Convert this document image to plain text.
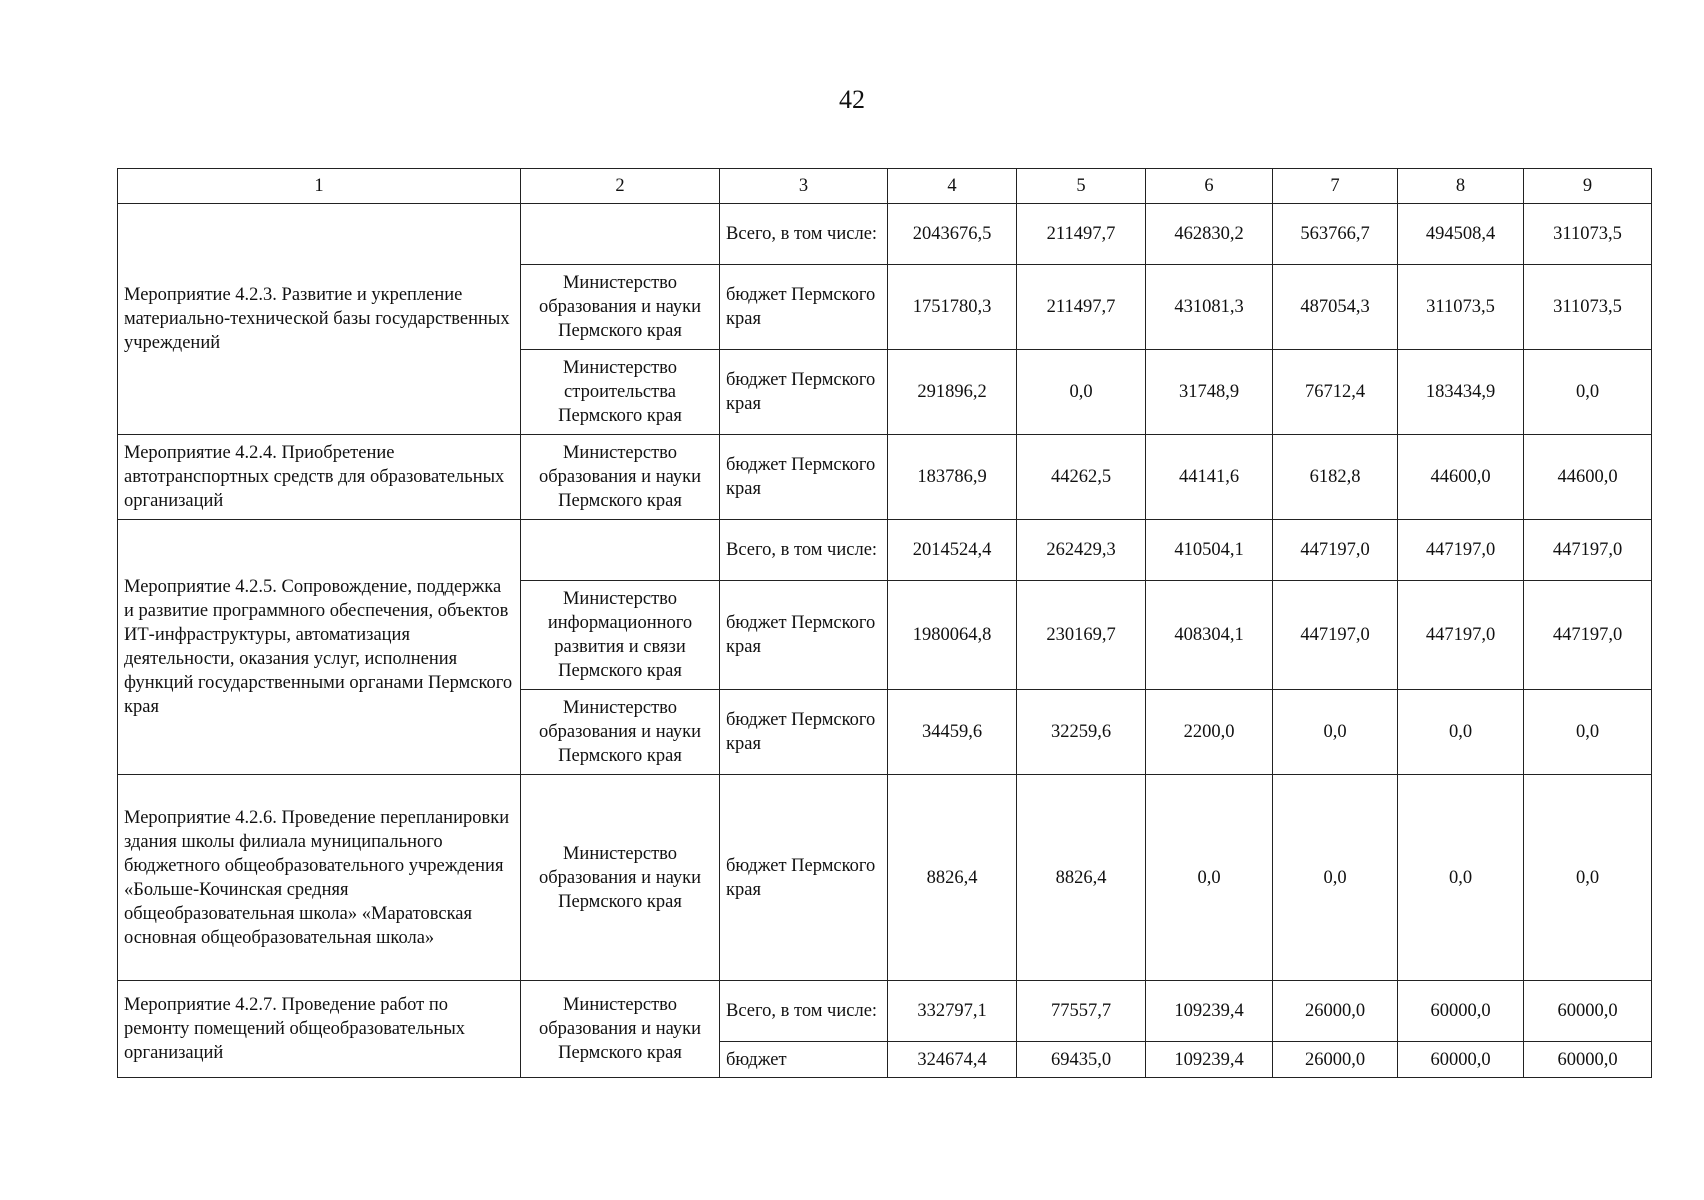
42
1	2	3	4	5	6	7	8	9
Мероприятие 4.2.3. Развитие и укрепление материально-технической базы государственных учреждений		Всего, в том числе:	2043676,5	211497,7	462830,2	563766,7	494508,4	311073,5
	Министерство образования и науки Пермского края	бюджет Пермского края	1751780,3	211497,7	431081,3	487054,3	311073,5	311073,5
	Министерство строительства Пермского края	бюджет Пермского края	291896,2	0,0	31748,9	76712,4	183434,9	0,0
Мероприятие 4.2.4. Приобретение автотранспортных средств для образовательных организаций	Министерство образования и науки Пермского края	бюджет Пермского края	183786,9	44262,5	44141,6	6182,8	44600,0	44600,0
Мероприятие 4.2.5. Сопровождение, поддержка и развитие программного обеспечения, объектов ИТ-инфраструктуры, автоматизация деятельности, оказания услуг, исполнения функций государственными органами Пермского края		Всего, в том числе:	2014524,4	262429,3	410504,1	447197,0	447197,0	447197,0
	Министерство информационного развития и связи Пермского края	бюджет Пермского края	1980064,8	230169,7	408304,1	447197,0	447197,0	447197,0
	Министерство образования и науки Пермского края	бюджет Пермского края	34459,6	32259,6	2200,0	0,0	0,0	0,0
Мероприятие 4.2.6. Проведение перепланировки здания школы филиала муниципального бюджетного общеобразовательного учреждения «Больше-Кочинская средняя общеобразовательная школа» «Маратовская основная общеобразовательная школа»	Министерство образования и науки Пермского края	бюджет Пермского края	8826,4	8826,4	0,0	0,0	0,0	0,0
Мероприятие 4.2.7. Проведение работ по ремонту помещений общеобразовательных организаций	Министерство образования и науки Пермского края	Всего, в том числе:	332797,1	77557,7	109239,4	26000,0	60000,0	60000,0
		бюджет	324674,4	69435,0	109239,4	26000,0	60000,0	60000,0
